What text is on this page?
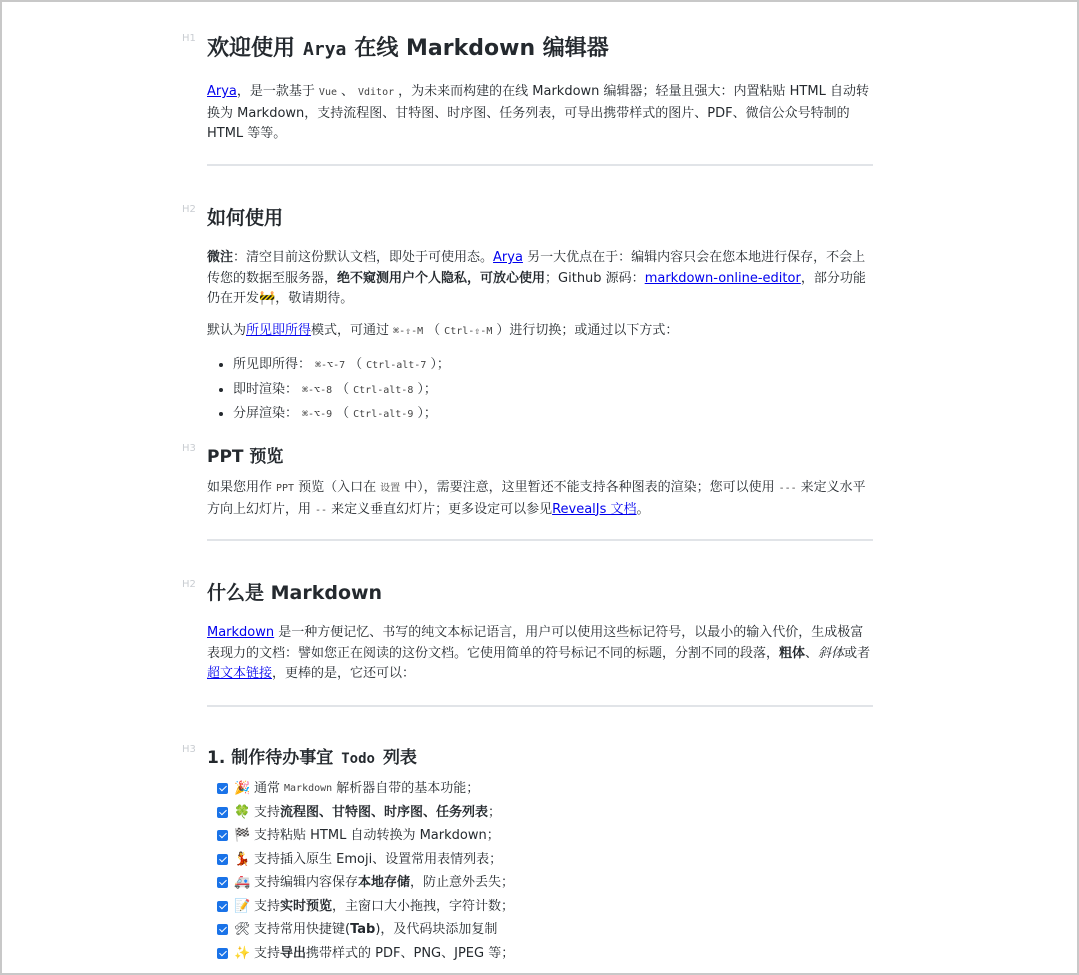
H1 欢迎使用 Arya 在线 Markdown 编辑器

Arya，是一款基于 Vue 、 Vditor ，为未来而构建的在线 Markdown 编辑器；轻量且强大：内置粘贴 HTML 自动转换为 Markdown，支持流程图、甘特图、时序图、任务列表，可导出携带样式的图片、PDF、微信公众号特制的 HTML 等等。

H2 如何使用

微注：清空目前这份默认文档，即处于可使用态。Arya 另一大优点在于：编辑内容只会在您本地进行保存，不会上传您的数据至服务器，绝不窥测用户个人隐私，可放心使用；Github 源码：markdown-online-editor，部分功能仍在开发🚧，敬请期待。

默认为所见即所得模式，可通过 ⌘-⇧-M （ Ctrl-⇧-M ）进行切换；或通过以下方式：

• 所见即所得： ⌘-⌥-7 （ Ctrl-alt-7 ）；
• 即时渲染： ⌘-⌥-8 （ Ctrl-alt-8 ）；
• 分屏渲染： ⌘-⌥-9 （ Ctrl-alt-9 ）；
H3 PPT 预览

如果您用作 PPT 预览（入口在 设置 中），需要注意，这里暂还不能支持各种图表的渲染；您可以使用 --- 来定义水平方向上幻灯片，用 -- 来定义垂直幻灯片；更多设定可以参见RevealJs 文档。

H2 什么是 Markdown

Markdown 是一种方便记忆、书写的纯文本标记语言，用户可以使用这些标记符号，以最小的输入代价，生成极富表现力的文档：譬如您正在阅读的这份文档。它使用简单的符号标记不同的标题，分割不同的段落，粗体、斜体或者超文本链接，更棒的是，它还可以：

H3 1. 制作待办事宜 Todo 列表
🎉 通常 Markdown 解析器自带的基本功能；
🍀 支持 流程图、甘特图、时序图、任务列表 ；
🏁 支持粘贴 HTML 自动转换为 Markdown；
💃 支持插入原生 Emoji、设置常用表情列表；
🚑 支持编辑内容保存 本地存储 ，防止意外丢失；
📝 支持 实时预览 ，主窗口大小拖拽，字符计数；
🛠 支持常用快捷键( Tab )，及代码块添加复制
✨ 支持 导出 携带样式的 PDF、PNG、JPEG 等；
